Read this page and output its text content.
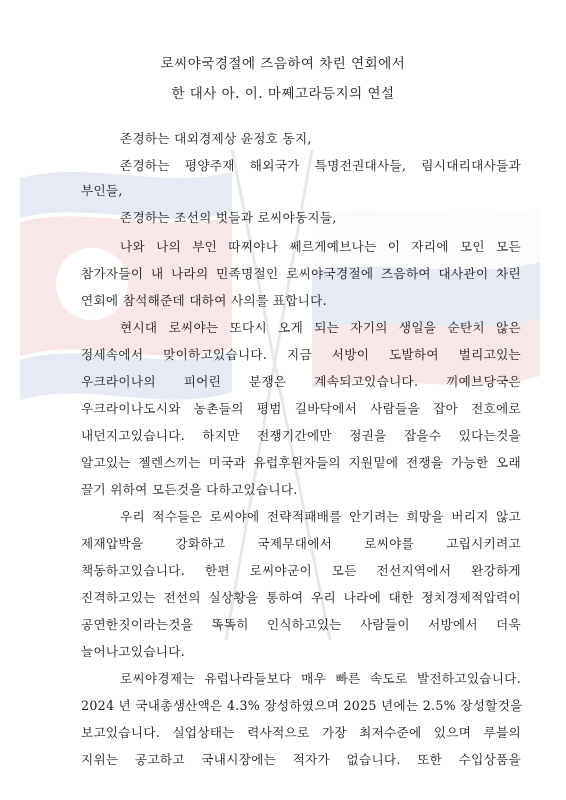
로씨야국경절에 즈음하여 차린 연회에서
한 대사 아. 이. 마쩨고라등지의 연설
존경하는 대외경제상 윤정호 동지,
존경하는 평양주재 해외국가 특명전권대사들, 림시대리대사들과
부인들,
존경하는 조선의 벗들과 로씨야동지들,
나와 나의 부인 따찌야나 쎄르게예브나는 이 자리에 모인 모든
참가자들이 내 나라의 민족명절인 로씨야국경절에 즈음하여 대사관이 차린
연회에 참석해준데 대하여 사의를 표합니다.
현시대 로씨야는 또다시 오게 되는 자기의 생일을 순탄치 않은
정세속에서 맞이하고있습니다. 지금 서방이 도발하여 벌리고있는
우크라이나의 피어린 분쟁은 계속되고있습니다. 끼예브당국은
우크라이나도시와 농촌들의 평범 길바닥에서 사람들을 잡아 전호에로
내던지고있습니다. 하지만 전쟁기간에만 정권을 잡을수 있다는것을
알고있는 젤렌스끼는 미국과 유럽후원자들의 지원밑에 전쟁을 가능한 오래
끌기 위하여 모든것을 다하고있습니다.
우리 적수들은 로씨야에 전략적패배를 안기려는 희망을 버리지 않고
제재압박을 강화하고 국제무대에서 로씨야를 고립시키려고
책동하고있습니다. 한편 로씨야군이 모든 전선지역에서 완강하게
진격하고있는 전선의 실상황을 통하여 우리 나라에 대한 정치경제적압력이
공연한짓이라는것을 똑똑히 인식하고있는 사람들이 서방에서 더욱
늘어나고있습니다.
로씨야경제는 유럽나라들보다 매우 빠른 속도로 발전하고있습니다.
2024 년 국내총생산액은 4.3% 장성하였으며 2025 년에는 2.5% 장성할것을
보고있습니다. 실업상태는 력사적으로 가장 최저수준에 있으며 루블의
지위는 공고하고 국내시장에는 적자가 없습니다. 또한 수입상품을
